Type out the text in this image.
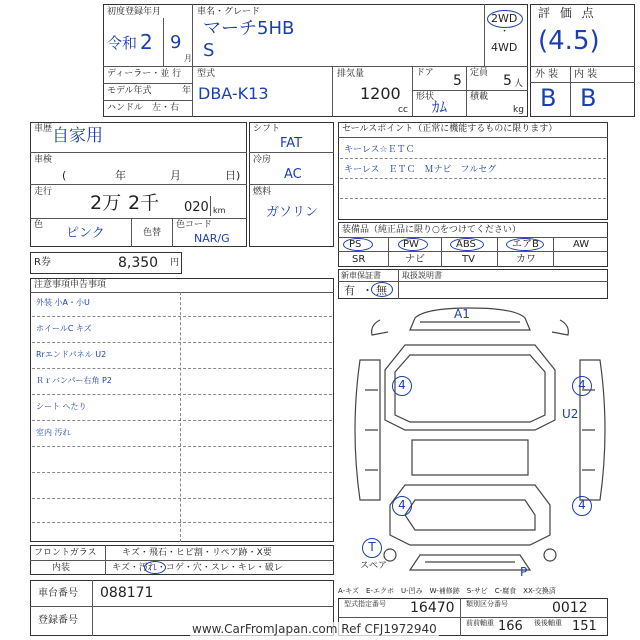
初度登録年月
令和 2 9
月
車名・グレード
マーチ5HB
S
2WD
・
4WD
ディーラー・並 行
モデル年式	年
ハンドル　左・右
型式
DBA-K13
排気量
1200
cc
ドア 5 定員 5 人
形状
ｶﾑ
積載
kg
評 価 点
(4.5)
外 装 内 装
B B
車歴 自家用
車検
(	年	月	日)
走行 2万 2千 020 km
色
ピンク	色替
色コード
NAR/G
シフト
FAT
冷房
AC
燃料
ガソリン
R券	8,350 円
セールスポイント（正常に機能するものに限ります）
キーレス☆ＥＴＣ
キーレス　ＥＴＣ　Ｍナビ　フルセグ
装備品（純正品に限り○をつけてください）
PS	PW	ABS	エアB	AW
SR	ナビ	TV	カワ
新車保証書	取扱説明書
有 ・ 無
注意事項申告事項
外装 小A・小U
ホイールC キズ
Rrエンドパネル U2
Ｒｒバンパー右角 P2
シート へたり
室内 汚れ
A1
U2
P
4	4
4	4
T
スペア
A-キズ　E-エクボ　U-凹み　W-補修跡　S-サビ　C-腐食　XX-交換済
フロントガラス	キズ・飛石・ヒビ割・リペア跡・X要
内装	キズ・汚れ・コゲ・穴・スレ・キレ・破レ
車台番号 088171
登録番号
型式指定番号 16470 類別区分番号	0012
前前軸重 166 後後軸重 151
www.CarFromJapan.com Ref CFJ1972940
